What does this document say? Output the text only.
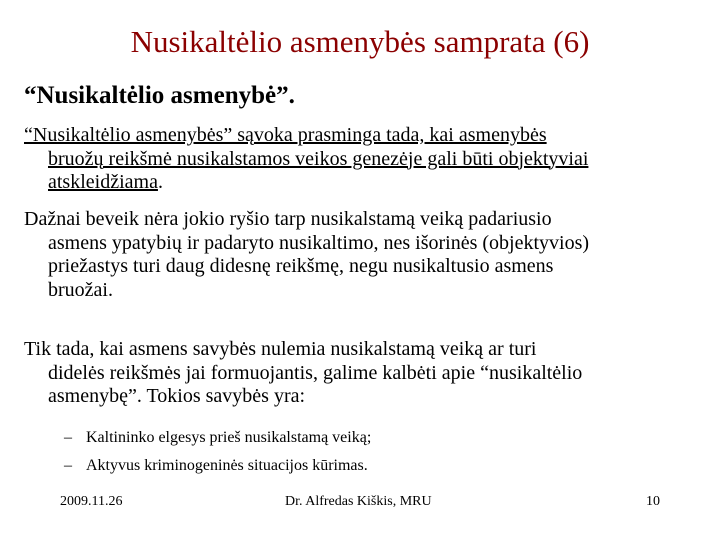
Nusikaltėlio asmenybės samprata (6)
“Nusikaltėlio asmenybė”.
“Nusikaltėlio asmenybės” sąvoka prasminga tada, kai asmenybės
bruožų reikšmė nusikalstamos veikos genezėje gali būti objektyviai
atskleidžiama.
Dažnai beveik nėra jokio ryšio tarp nusikalstamą veiką padariusio
asmens ypatybių ir padaryto nusikaltimo, nes išorinės (objektyvios)
priežastys turi daug didesnę reikšmę, negu nusikaltusio asmens
bruožai.
Tik tada, kai asmens savybės nulemia nusikalstamą veiką ar turi
didelės reikšmės jai formuojantis, galime kalbėti apie “nusikaltėlio
asmenybę”. Tokios savybės yra:
– Kaltininko elgesys prieš nusikalstamą veiką;
– Aktyvus kriminogeninės situacijos kūrimas.
2009.11.26	Dr. Alfredas Kiškis, MRU	10
